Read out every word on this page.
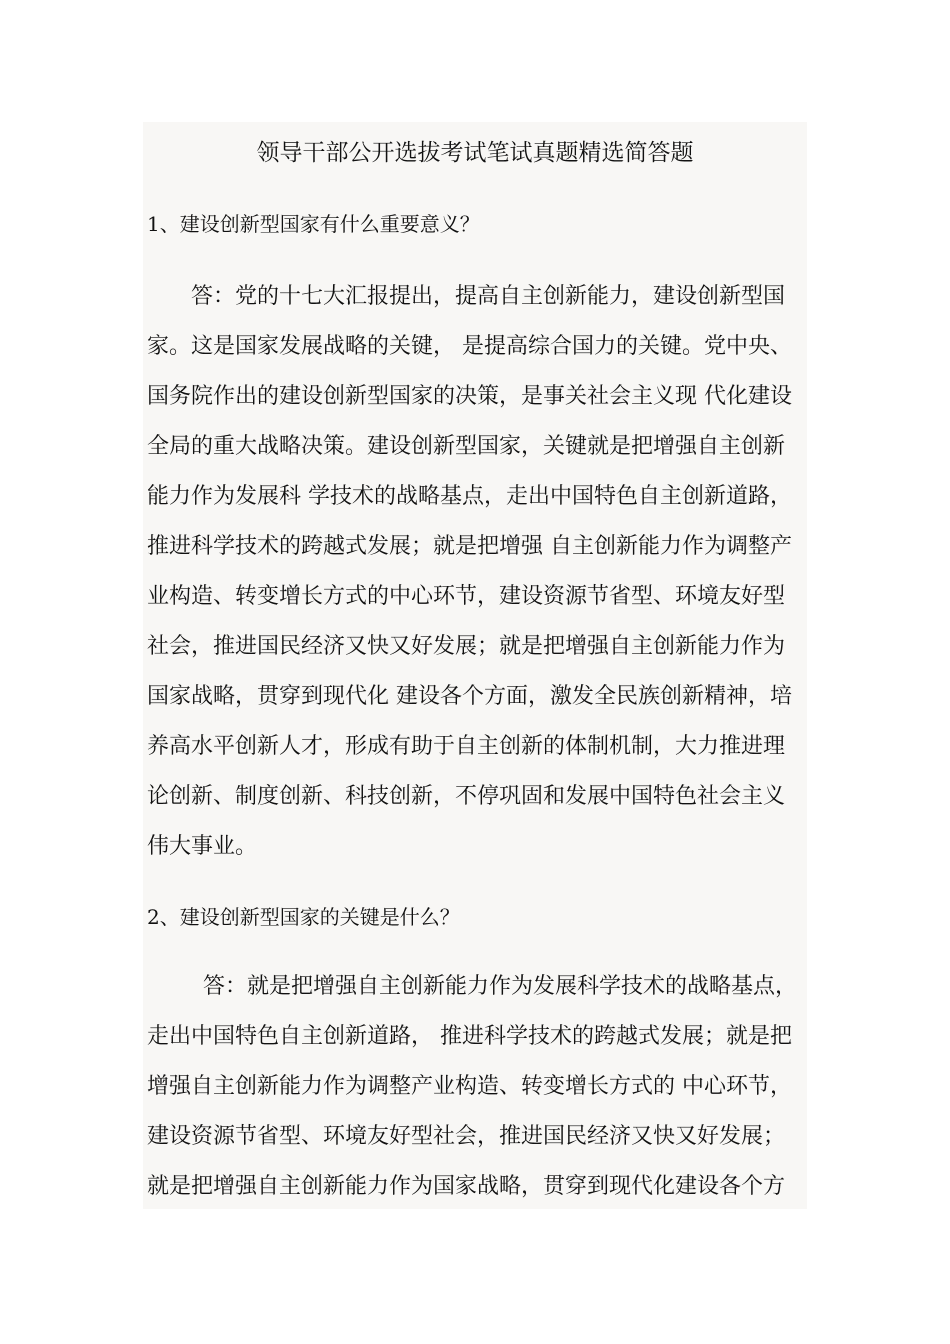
领导干部公开选拔考试笔试真题精选简答题

1、建设创新型国家有什么重要意义？

答：党的十七大汇报提出，提高自主创新能力，建设创新型国
家。这是国家发展战略的关键， 是提高综合国力的关键。党中央、
国务院作出的建设创新型国家的决策，是事关社会主义现 代化建设
全局的重大战略决策。建设创新型国家，关键就是把增强自主创新
能力作为发展科 学技术的战略基点，走出中国特色自主创新道路，
推进科学技术的跨越式发展；就是把增强 自主创新能力作为调整产
业构造、转变增长方式的中心环节，建设资源节省型、环境友好型
社会，推进国民经济又快又好发展；就是把增强自主创新能力作为
国家战略，贯穿到现代化 建设各个方面，激发全民族创新精神，培
养高水平创新人才，形成有助于自主创新的体制机制，大力推进理
论创新、制度创新、科技创新，不停巩固和发展中国特色社会主义
伟大事业。

2、建设创新型国家的关键是什么？

答：就是把增强自主创新能力作为发展科学技术的战略基点，
走出中国特色自主创新道路， 推进科学技术的跨越式发展；就是把
增强自主创新能力作为调整产业构造、转变增长方式的 中心环节，
建设资源节省型、环境友好型社会，推进国民经济又快又好发展；
就是把增强自主创新能力作为国家战略，贯穿到现代化建设各个方
